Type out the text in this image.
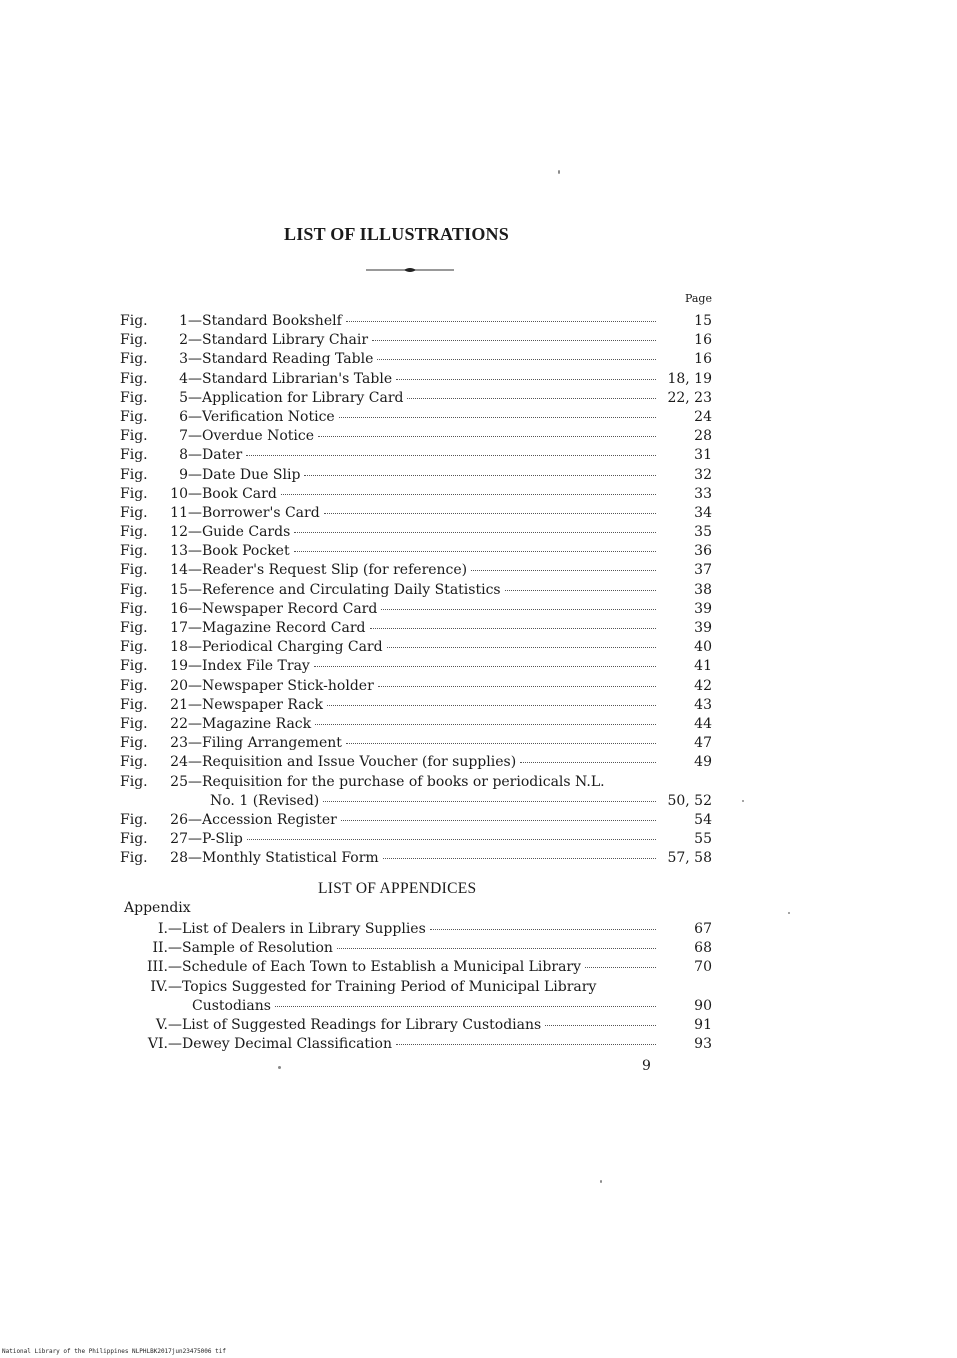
LIST OF ILLUSTRATIONS
Page
Fig.	1 —Standard Bookshelf	15
Fig.	2 —Standard Library Chair	16
Fig.	3 —Standard Reading Table	16
Fig.	4 —Standard Librarian's Table	18, 19
Fig.	5 —Application for Library Card	22, 23
Fig.	6 —Verification Notice	24
Fig.	7 —Overdue Notice	28
Fig.	8 —Dater	31
Fig.	9 —Date Due Slip	32
Fig.	10 —Book Card	33
Fig.	11 —Borrower's Card	34
Fig.	12 —Guide Cards	35
Fig.	13 —Book Pocket	36
Fig.	14 —Reader's Request Slip (for reference)	37
Fig.	15 —Reference and Circulating Daily Statistics	38
Fig.	16 —Newspaper Record Card	39
Fig.	17 —Magazine Record Card	39
Fig.	18 —Periodical Charging Card	40
Fig.	19 —Index File Tray	41
Fig.	20 —Newspaper Stick-holder	42
Fig.	21 —Newspaper Rack	43
Fig.	22 —Magazine Rack	44
Fig.	23 —Filing Arrangement	47
Fig.	24 —Requisition and Issue Voucher (for supplies)	49
Fig.	25 —Requisition for the purchase of books or periodicals N.L.
No. 1 (Revised)	50, 52
Fig.	26 —Accession Register	54
Fig.	27 —P-Slip	55
Fig.	28 —Monthly Statistical Form	57, 58
LIST OF APPENDICES
Appendix
I. —List of Dealers in Library Supplies	67
II. —Sample of Resolution	68
III. —Schedule of Each Town to Establish a Municipal Library	70
IV. —Topics Suggested for Training Period of Municipal Library
Custodians	90
V. —List of Suggested Readings for Library Custodians	91
VI. —Dewey Decimal Classification	93
9
National Library of the Philippines NLPHLBK2017jun23475006 tif
